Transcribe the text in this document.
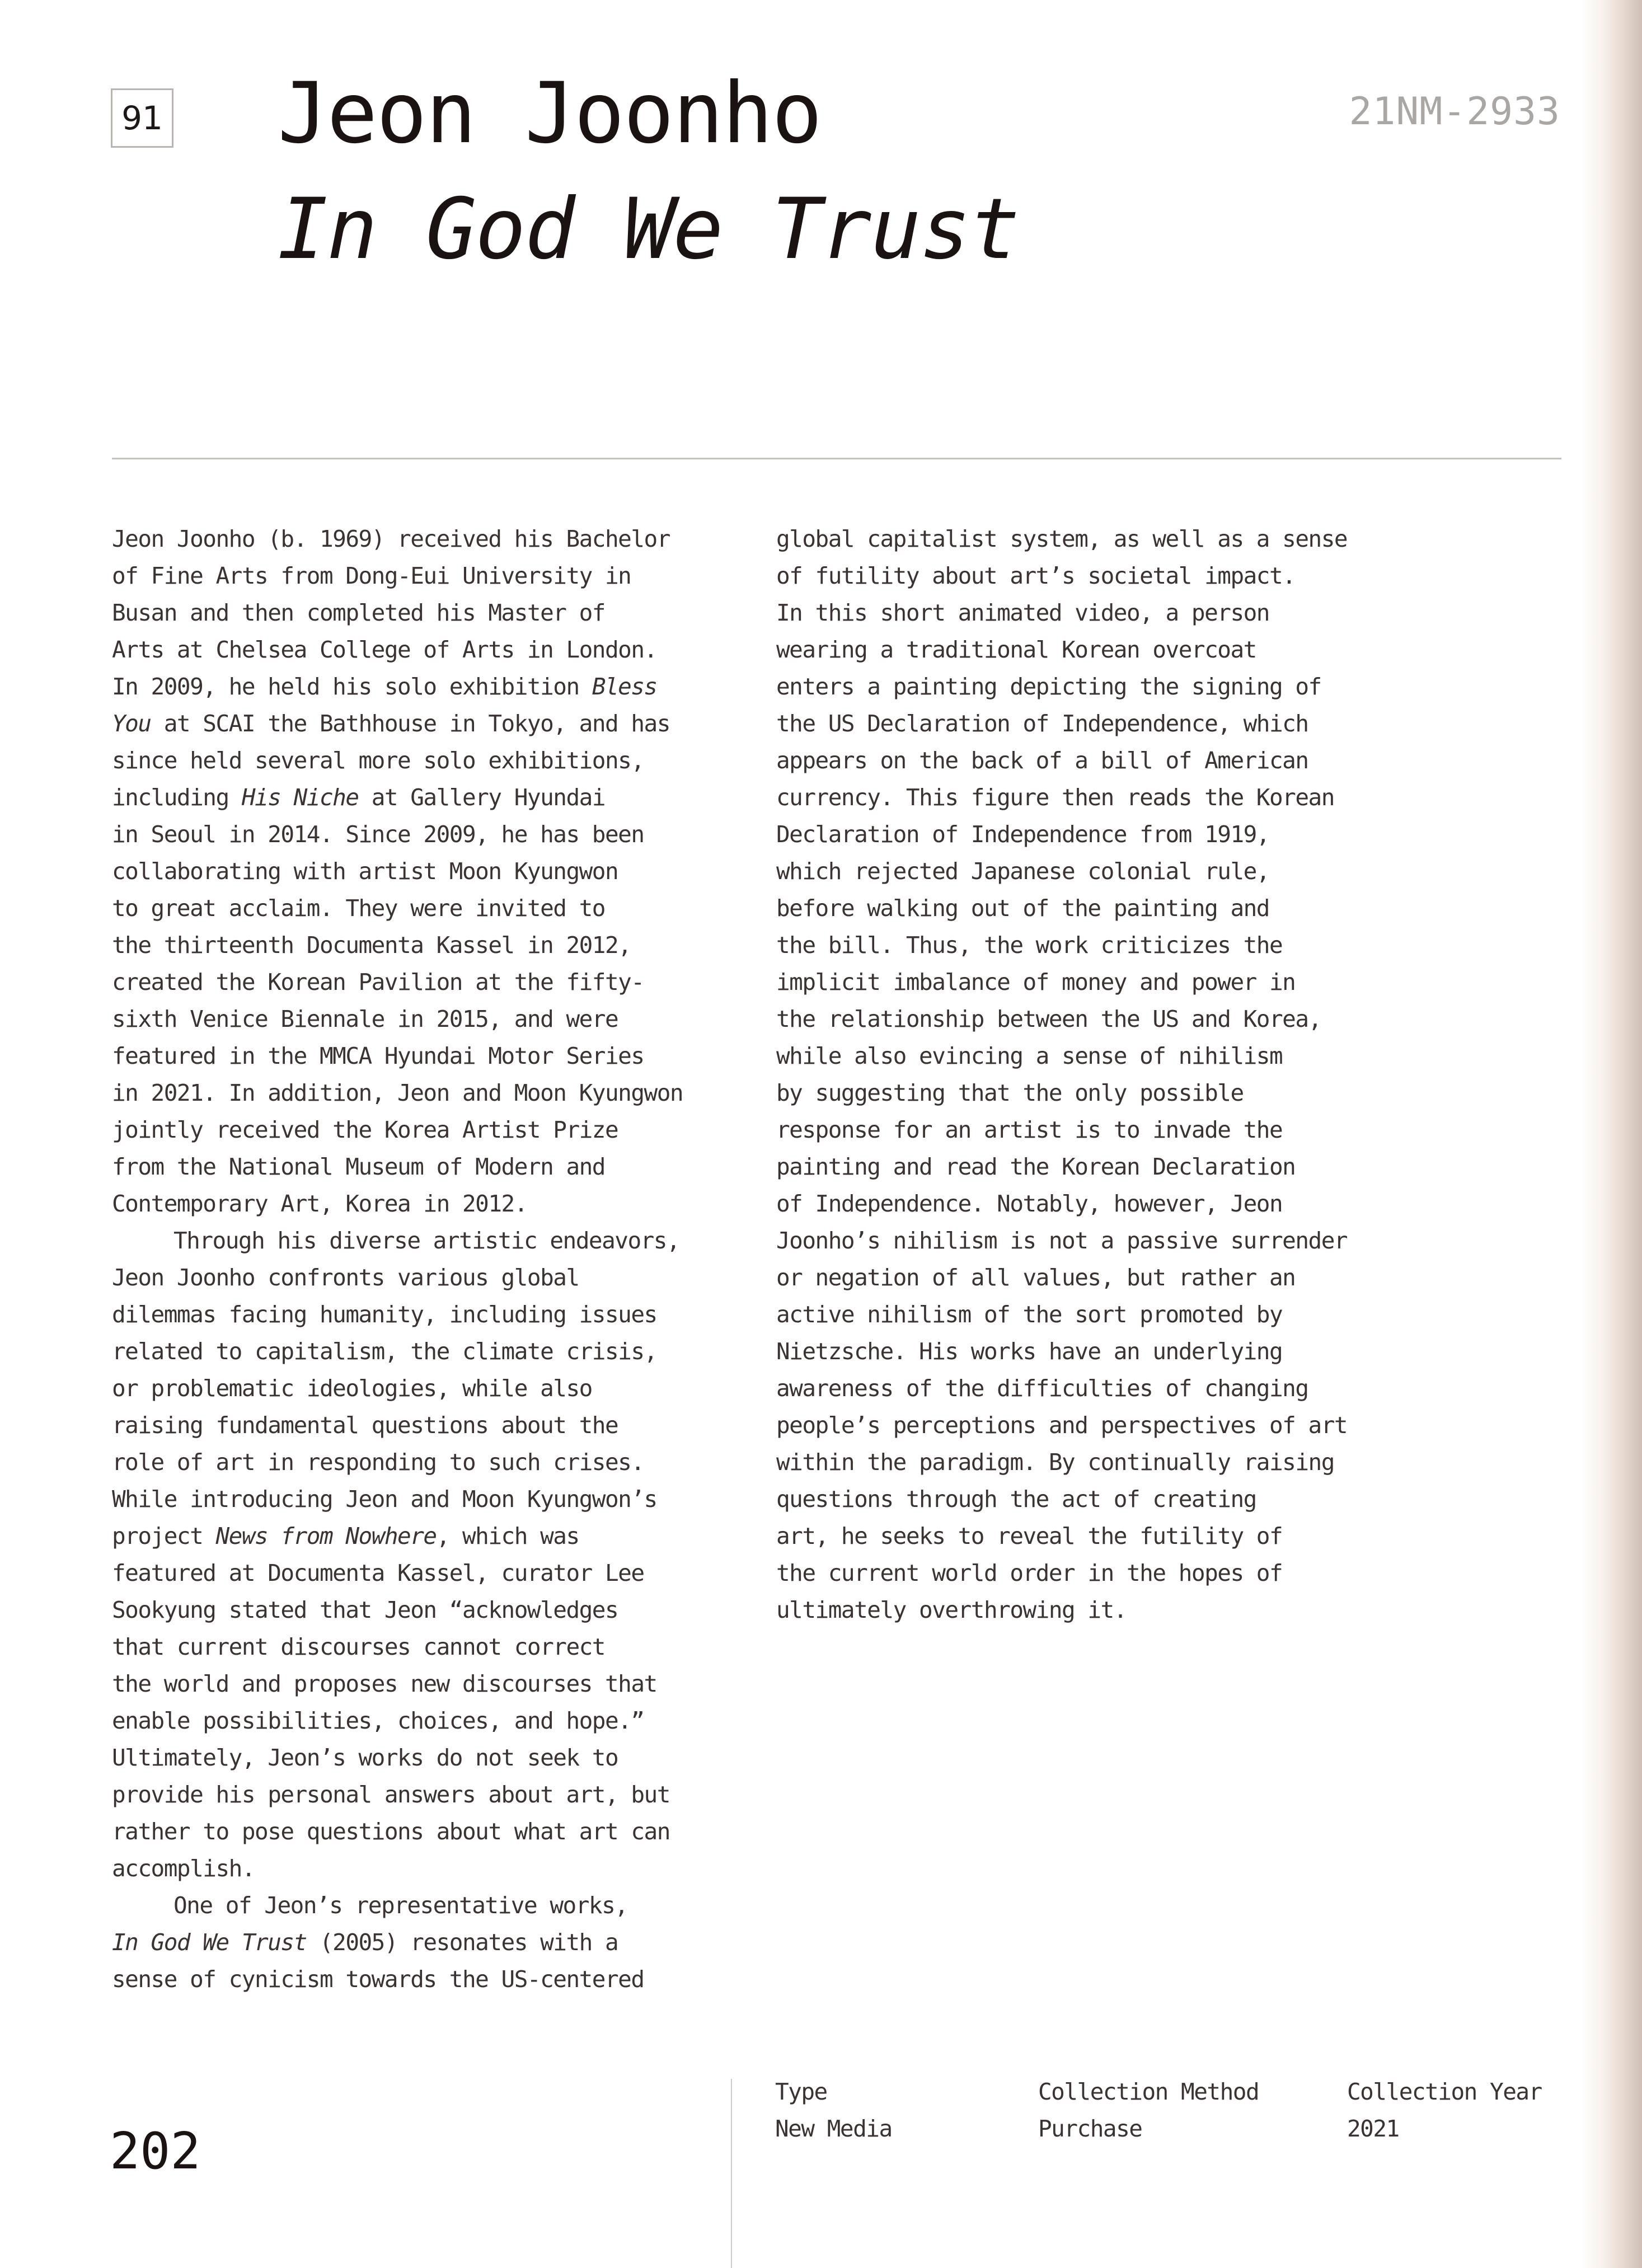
91 Jeon Joonho
In God We Trust
21NM-2933

Jeon Joonho (b. 1969) received his Bachelor
of Fine Arts from Dong-Eui University in
Busan and then completed his Master of
Arts at Chelsea College of Arts in London.
In 2009, he held his solo exhibition Bless
You at SCAI the Bathhouse in Tokyo, and has
since held several more solo exhibitions,
including His Niche at Gallery Hyundai
in Seoul in 2014. Since 2009, he has been
collaborating with artist Moon Kyungwon
to great acclaim. They were invited to
the thirteenth Documenta Kassel in 2012,
created the Korean Pavilion at the fifty-
sixth Venice Biennale in 2015, and were
featured in the MMCA Hyundai Motor Series
in 2021. In addition, Jeon and Moon Kyungwon
jointly received the Korea Artist Prize
from the National Museum of Modern and
Contemporary Art, Korea in 2012.

Through his diverse artistic endeavors,
Jeon Joonho confronts various global
dilemmas facing humanity, including issues
related to capitalism, the climate crisis,
or problematic ideologies, while also
raising fundamental questions about the
role of art in responding to such crises.
While introducing Jeon and Moon Kyungwon’s
project News from Nowhere, which was
featured at Documenta Kassel, curator Lee
Sookyung stated that Jeon “acknowledges
that current discourses cannot correct
the world and proposes new discourses that
enable possibilities, choices, and hope.”
Ultimately, Jeon’s works do not seek to
provide his personal answers about art, but
rather to pose questions about what art can
accomplish.

One of Jeon’s representative works,
In God We Trust (2005) resonates with a
sense of cynicism towards the US-centered

global capitalist system, as well as a sense
of futility about art’s societal impact.
In this short animated video, a person
wearing a traditional Korean overcoat
enters a painting depicting the signing of
the US Declaration of Independence, which
appears on the back of a bill of American
currency. This figure then reads the Korean
Declaration of Independence from 1919,
which rejected Japanese colonial rule,
before walking out of the painting and
the bill. Thus, the work criticizes the
implicit imbalance of money and power in
the relationship between the US and Korea,
while also evincing a sense of nihilism
by suggesting that the only possible
response for an artist is to invade the
painting and read the Korean Declaration
of Independence. Notably, however, Jeon
Joonho’s nihilism is not a passive surrender
or negation of all values, but rather an
active nihilism of the sort promoted by
Nietzsche. His works have an underlying
awareness of the difficulties of changing
people’s perceptions and perspectives of art
within the paradigm. By continually raising
questions through the act of creating
art, he seeks to reveal the futility of
the current world order in the hopes of
ultimately overthrowing it.

202
Type
New Media
Collection Method
Purchase
Collection Year
2021
